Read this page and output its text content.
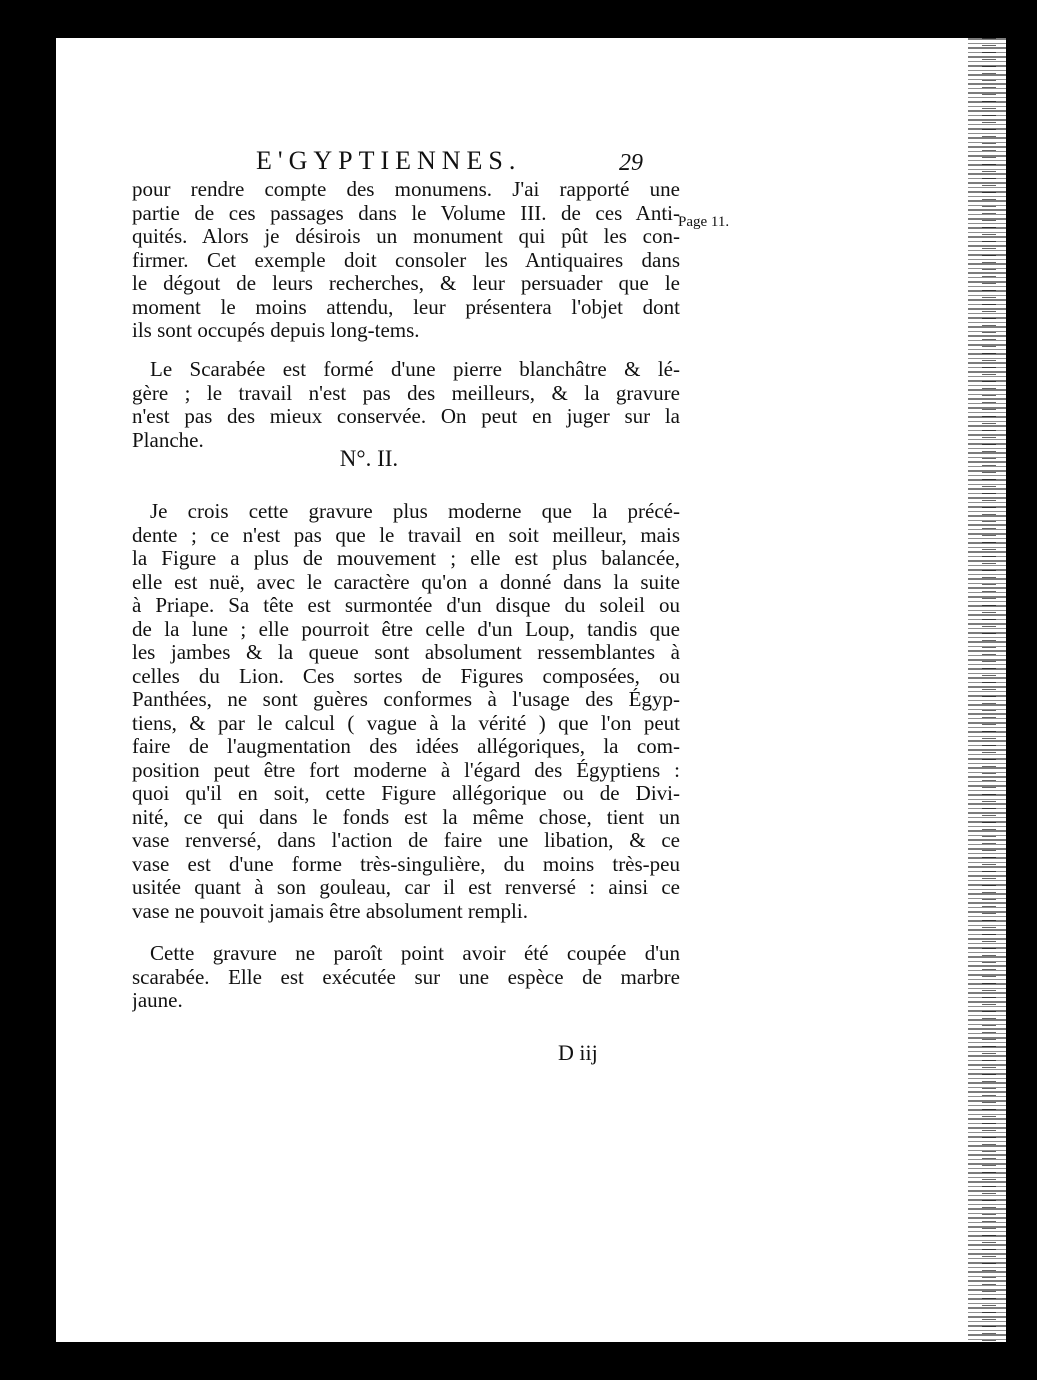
E'GYPTIENNES.	29
Page 11.
pour rendre compte des monumens. J'ai rapporté une
partie de ces passages dans le Volume III. de ces Anti-
quités. Alors je désirois un monument qui pût les con-
firmer. Cet exemple doit consoler les Antiquaires dans
le dégout de leurs recherches, & leur persuader que le
moment le moins attendu, leur présentera l'objet dont
ils sont occupés depuis long-tems.
Le Scarabée est formé d'une pierre blanchâtre & lé-
gère ; le travail n'est pas des meilleurs, & la gravure
n'est pas des mieux conservée. On peut en juger sur la
Planche.
N°. II.
Je crois cette gravure plus moderne que la précé-
dente ; ce n'est pas que le travail en soit meilleur, mais
la Figure a plus de mouvement ; elle est plus balancée,
elle est nuë, avec le caractère qu'on a donné dans la suite
à Priape. Sa tête est surmontée d'un disque du soleil ou
de la lune ; elle pourroit être celle d'un Loup, tandis que
les jambes & la queue sont absolument ressemblantes à
celles du Lion. Ces sortes de Figures composées, ou
Panthées, ne sont guères conformes à l'usage des Égyp-
tiens, & par le calcul ( vague à la vérité ) que l'on peut
faire de l'augmentation des idées allégoriques, la com-
position peut être fort moderne à l'égard des Égyptiens :
quoi qu'il en soit, cette Figure allégorique ou de Divi-
nité, ce qui dans le fonds est la même chose, tient un
vase renversé, dans l'action de faire une libation, & ce
vase est d'une forme très-singulière, du moins très-peu
usitée quant à son gouleau, car il est renversé : ainsi ce
vase ne pouvoit jamais être absolument rempli.
Cette gravure ne paroît point avoir été coupée d'un
scarabée. Elle est exécutée sur une espèce de marbre
jaune.
D iij
